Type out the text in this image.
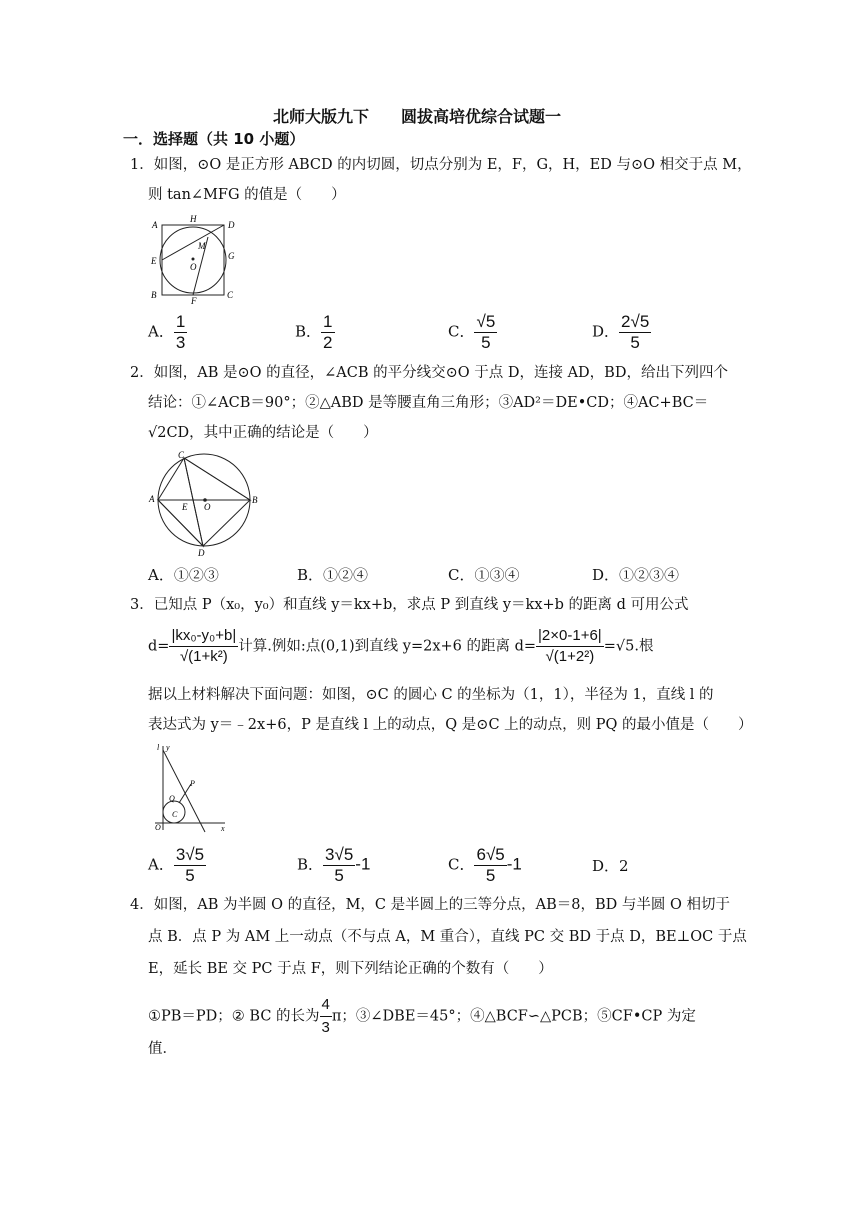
北师大版九下　　圆拔高培优综合试题一
一．选择题（共 10 小题）
1．如图，⊙O 是正方形 ABCD 的内切圆，切点分别为 E，F，G，H，ED 与⊙O 相交于点 M，
则 tan∠MFG 的值是（　　）
A	D
H
E	G
B	C
F
M
O
A． $\frac{1}{3}$	B． $\frac{1}{2}$	C． $\frac{√5}{5}$	D． $\frac{2√5}{5}$
2．如图，AB 是⊙O 的直径，∠ACB 的平分线交⊙O 于点 D，连接 AD，BD，给出下列四个
结论：①∠ACB＝90°；②△ABD 是等腰直角三角形；③AD²＝DE•CD；④AC+BC＝
√2CD，其中正确的结论是（　　）
A	B
C
D
E O
A．①②③	B．①②④	C．①③④	D．①②③④
3．已知点 P（x₀，y₀）和直线 y＝kx+b，求点 P 到直线 y＝kx+b 的距离 d 可用公式
$d= \frac{\text{|kx₀-y₀+b|}}{\text{√(1+k²)}}$ 计算.例如:点(0,1)到直线 y=2x+6 的距离 $d= \frac{|2\times 0-1+6|}{\text{√(1+2²)}} =√5$.根
据以上材料解决下面问题：如图，⊙C 的圆心 C 的坐标为（1，1），半径为 1，直线 l 的
表达式为 y＝﹣2x+6，P 是直线 l 上的动点，Q 是⊙C 上的动点，则 PQ 的最小值是（　　）
l y
P
Q
C
O	x
A． $\frac{3√5}{5}$	B． $\frac{3√5}{5} -1$	C． $\frac{6√5}{5} -1$	D．2
4．如图，AB 为半圆 O 的直径，M，C 是半圆上的三等分点，AB＝8，BD 与半圆 O 相切于
点 B．点 P 为 AM 上一动点（不与点 A，M 重合），直线 PC 交 BD 于点 D，BE⊥OC 于点
E，延长 BE 交 PC 于点 F，则下列结论正确的个数有（　　）
①PB＝PD；② BC 的长为 $\frac{4}{3}$ π；③∠DBE＝45°；④△BCF∽△PCB；⑤CF•CP 为定
值．
